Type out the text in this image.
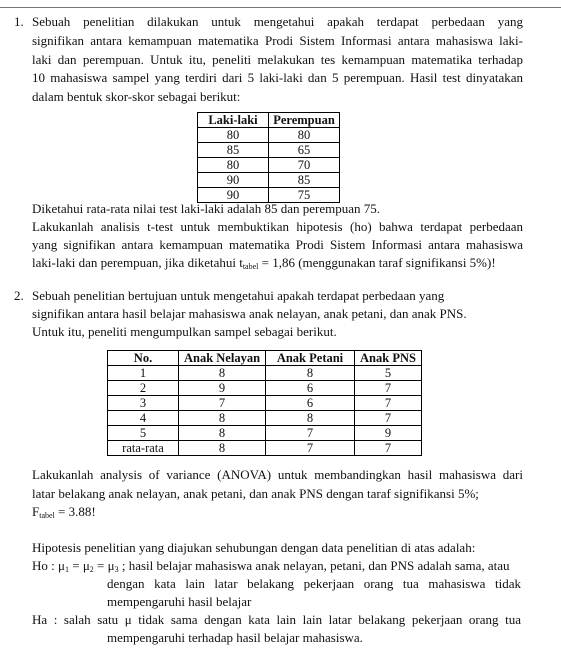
1. Sebuah penelitian dilakukan untuk mengetahui apakah terdapat perbedaan yang
signifikan antara kemampuan matematika Prodi Sistem Informasi antara mahasiswa laki-
laki dan perempuan. Untuk itu, peneliti melakukan tes kemampuan matematika terhadap
10 mahasiswa sampel yang terdiri dari 5 laki-laki dan 5 perempuan. Hasil test dinyatakan
dalam bentuk skor-skor sebagai berikut:
Laki-laki	Perempuan
80	80
85	65
80	70
90	85
90	75
Diketahui rata-rata nilai test laki-laki adalah 85 dan perempuan 75.
Lakukanlah analisis t-test untuk membuktikan hipotesis (ho) bahwa terdapat perbedaan
yang signifikan antara kemampuan matematika Prodi Sistem Informasi antara mahasiswa
laki-laki dan perempuan, jika diketahui $t_{tabel} = 1,86$ (menggunakan taraf signifikansi 5%)!
2. Sebuah penelitian bertujuan untuk mengetahui apakah terdapat perbedaan yang
signifikan antara hasil belajar mahasiswa anak nelayan, anak petani, dan anak PNS.
Untuk itu, peneliti mengumpulkan sampel sebagai berikut.
No.	Anak Nelayan	Anak Petani	Anak PNS
1	8	8	5
2	9	6	7
3	7	6	7
4	8	8	7
5	8	7	9
rata-rata	8	7	7
Lakukanlah analysis of variance (ANOVA) untuk membandingkan hasil mahasiswa dari
latar belakang anak nelayan, anak petani, dan anak PNS dengan taraf signifikansi 5%;
$F_{tabel} = 3.88$!
Hipotesis penelitian yang diajukan sehubungan dengan data penelitian di atas adalah:
Ho : $\mu_1 = \mu_2 = \mu_3$ ; hasil belajar mahasiswa anak nelayan, petani, dan PNS adalah sama, atau
dengan kata lain latar belakang pekerjaan orang tua mahasiswa tidak
mempengaruhi hasil belajar
Ha : salah satu μ tidak sama dengan kata lain lain latar belakang pekerjaan orang tua
mempengaruhi terhadap hasil belajar mahasiswa.
